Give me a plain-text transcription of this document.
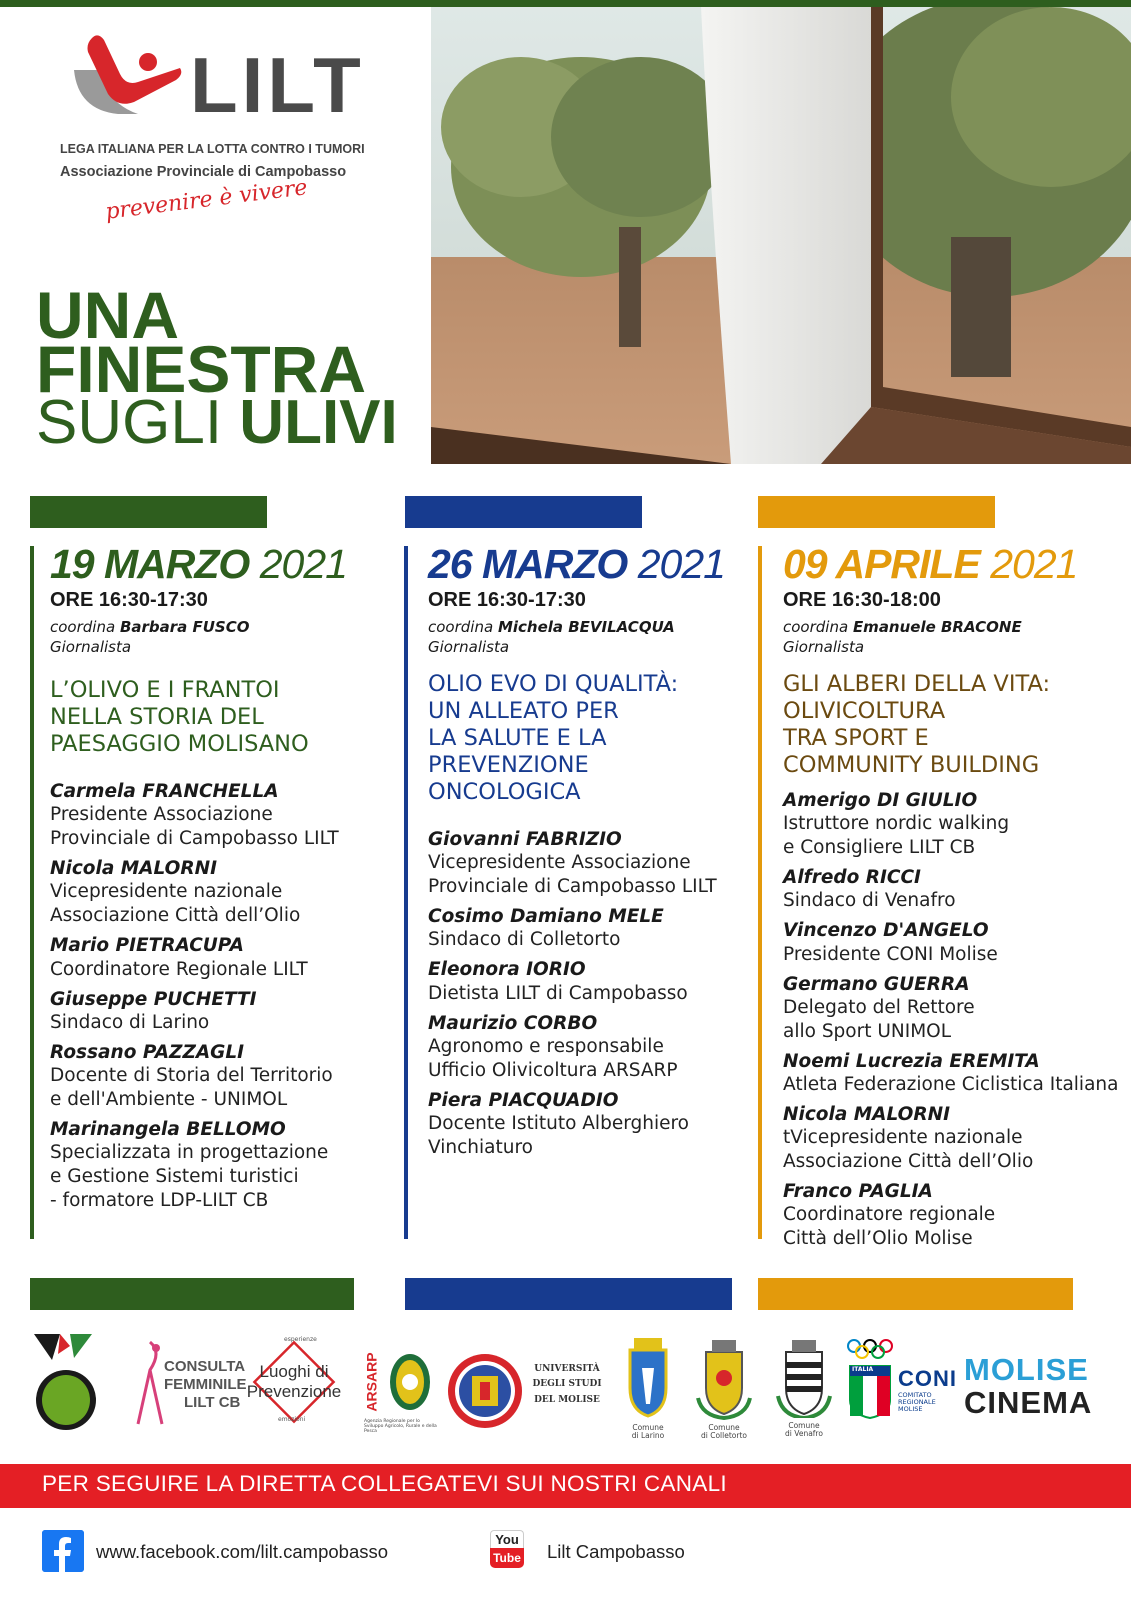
LILT
LEGA ITALIANA PER LA LOTTA CONTRO I TUMORI
Associazione Provinciale di Campobasso
prevenire è vivere
UNA
FINESTRA
SUGLI ULIVI
19 MARZO 2021
ORE 16:30-17:30
coordina Barbara FUSCO
Giornalista
L’OLIVO E I FRANTOI
NELLA STORIA DEL
PAESAGGIO MOLISANO
Carmela FRANCHELLA
Presidente Associazione
Provinciale di Campobasso LILT
Nicola MALORNI
Vicepresidente nazionale
Associazione Città dell’Olio
Mario PIETRACUPA
Coordinatore Regionale LILT
Giuseppe PUCHETTI
Sindaco di Larino
Rossano PAZZAGLI
Docente di Storia del Territorio
e dell'Ambiente - UNIMOL
Marinangela BELLOMO
Specializzata in progettazione
e Gestione Sistemi turistici
- formatore LDP-LILT CB
26 MARZO 2021
ORE 16:30-17:30
coordina Michela BEVILACQUA
Giornalista
OLIO EVO DI QUALITÀ:
UN ALLEATO PER
LA SALUTE E LA
PREVENZIONE
ONCOLOGICA
Giovanni FABRIZIO
Vicepresidente Associazione
Provinciale di Campobasso LILT
Cosimo Damiano MELE
Sindaco di Colletorto
Eleonora IORIO
Dietista LILT di Campobasso
Maurizio CORBO
Agronomo e responsabile
Ufficio Olivicoltura ARSARP
Piera PIACQUADIO
Docente Istituto Alberghiero
Vinchiaturo
09 APRILE 2021
ORE 16:30-18:00
coordina Emanuele BRACONE
Giornalista
GLI ALBERI DELLA VITA:
OLIVICOLTURA
TRA SPORT E
COMMUNITY BUILDING
Amerigo DI GIULIO
Istruttore nordic walking
e Consigliere LILT CB
Alfredo RICCI
Sindaco di Venafro
Vincenzo D'ANGELO
Presidente CONI Molise
Germano GUERRA
Delegato del Rettore
allo Sport UNIMOL
Noemi Lucrezia EREMITA
Atleta Federazione Ciclistica Italiana
Nicola MALORNI
tVicepresidente nazionale
Associazione Città dell’Olio
Franco PAGLIA
Coordinatore regionale
Città dell’Olio Molise
CONSULTA
FEMMINILE
LILT CB
esperienze
emozioni
Luoghi di
Prevenzione ARSARP
Agenzia Regionale per lo Sviluppo Agricolo, Rurale e della Pesca
UNIVERSITÀ
DEGLI STUDI
DEL MOLISE
Comune
di Larino
Comune
di Colletorto
Comune
di Venafro
ITALIA CONI
COMITATO
REGIONALE
MOLISE
MOLISE
CINEMA
PER SEGUIRE LA DIRETTA COLLEGATEVI SUI NOSTRI CANALI
www.facebook.com/lilt.campobasso
You
Tube Lilt Campobasso
